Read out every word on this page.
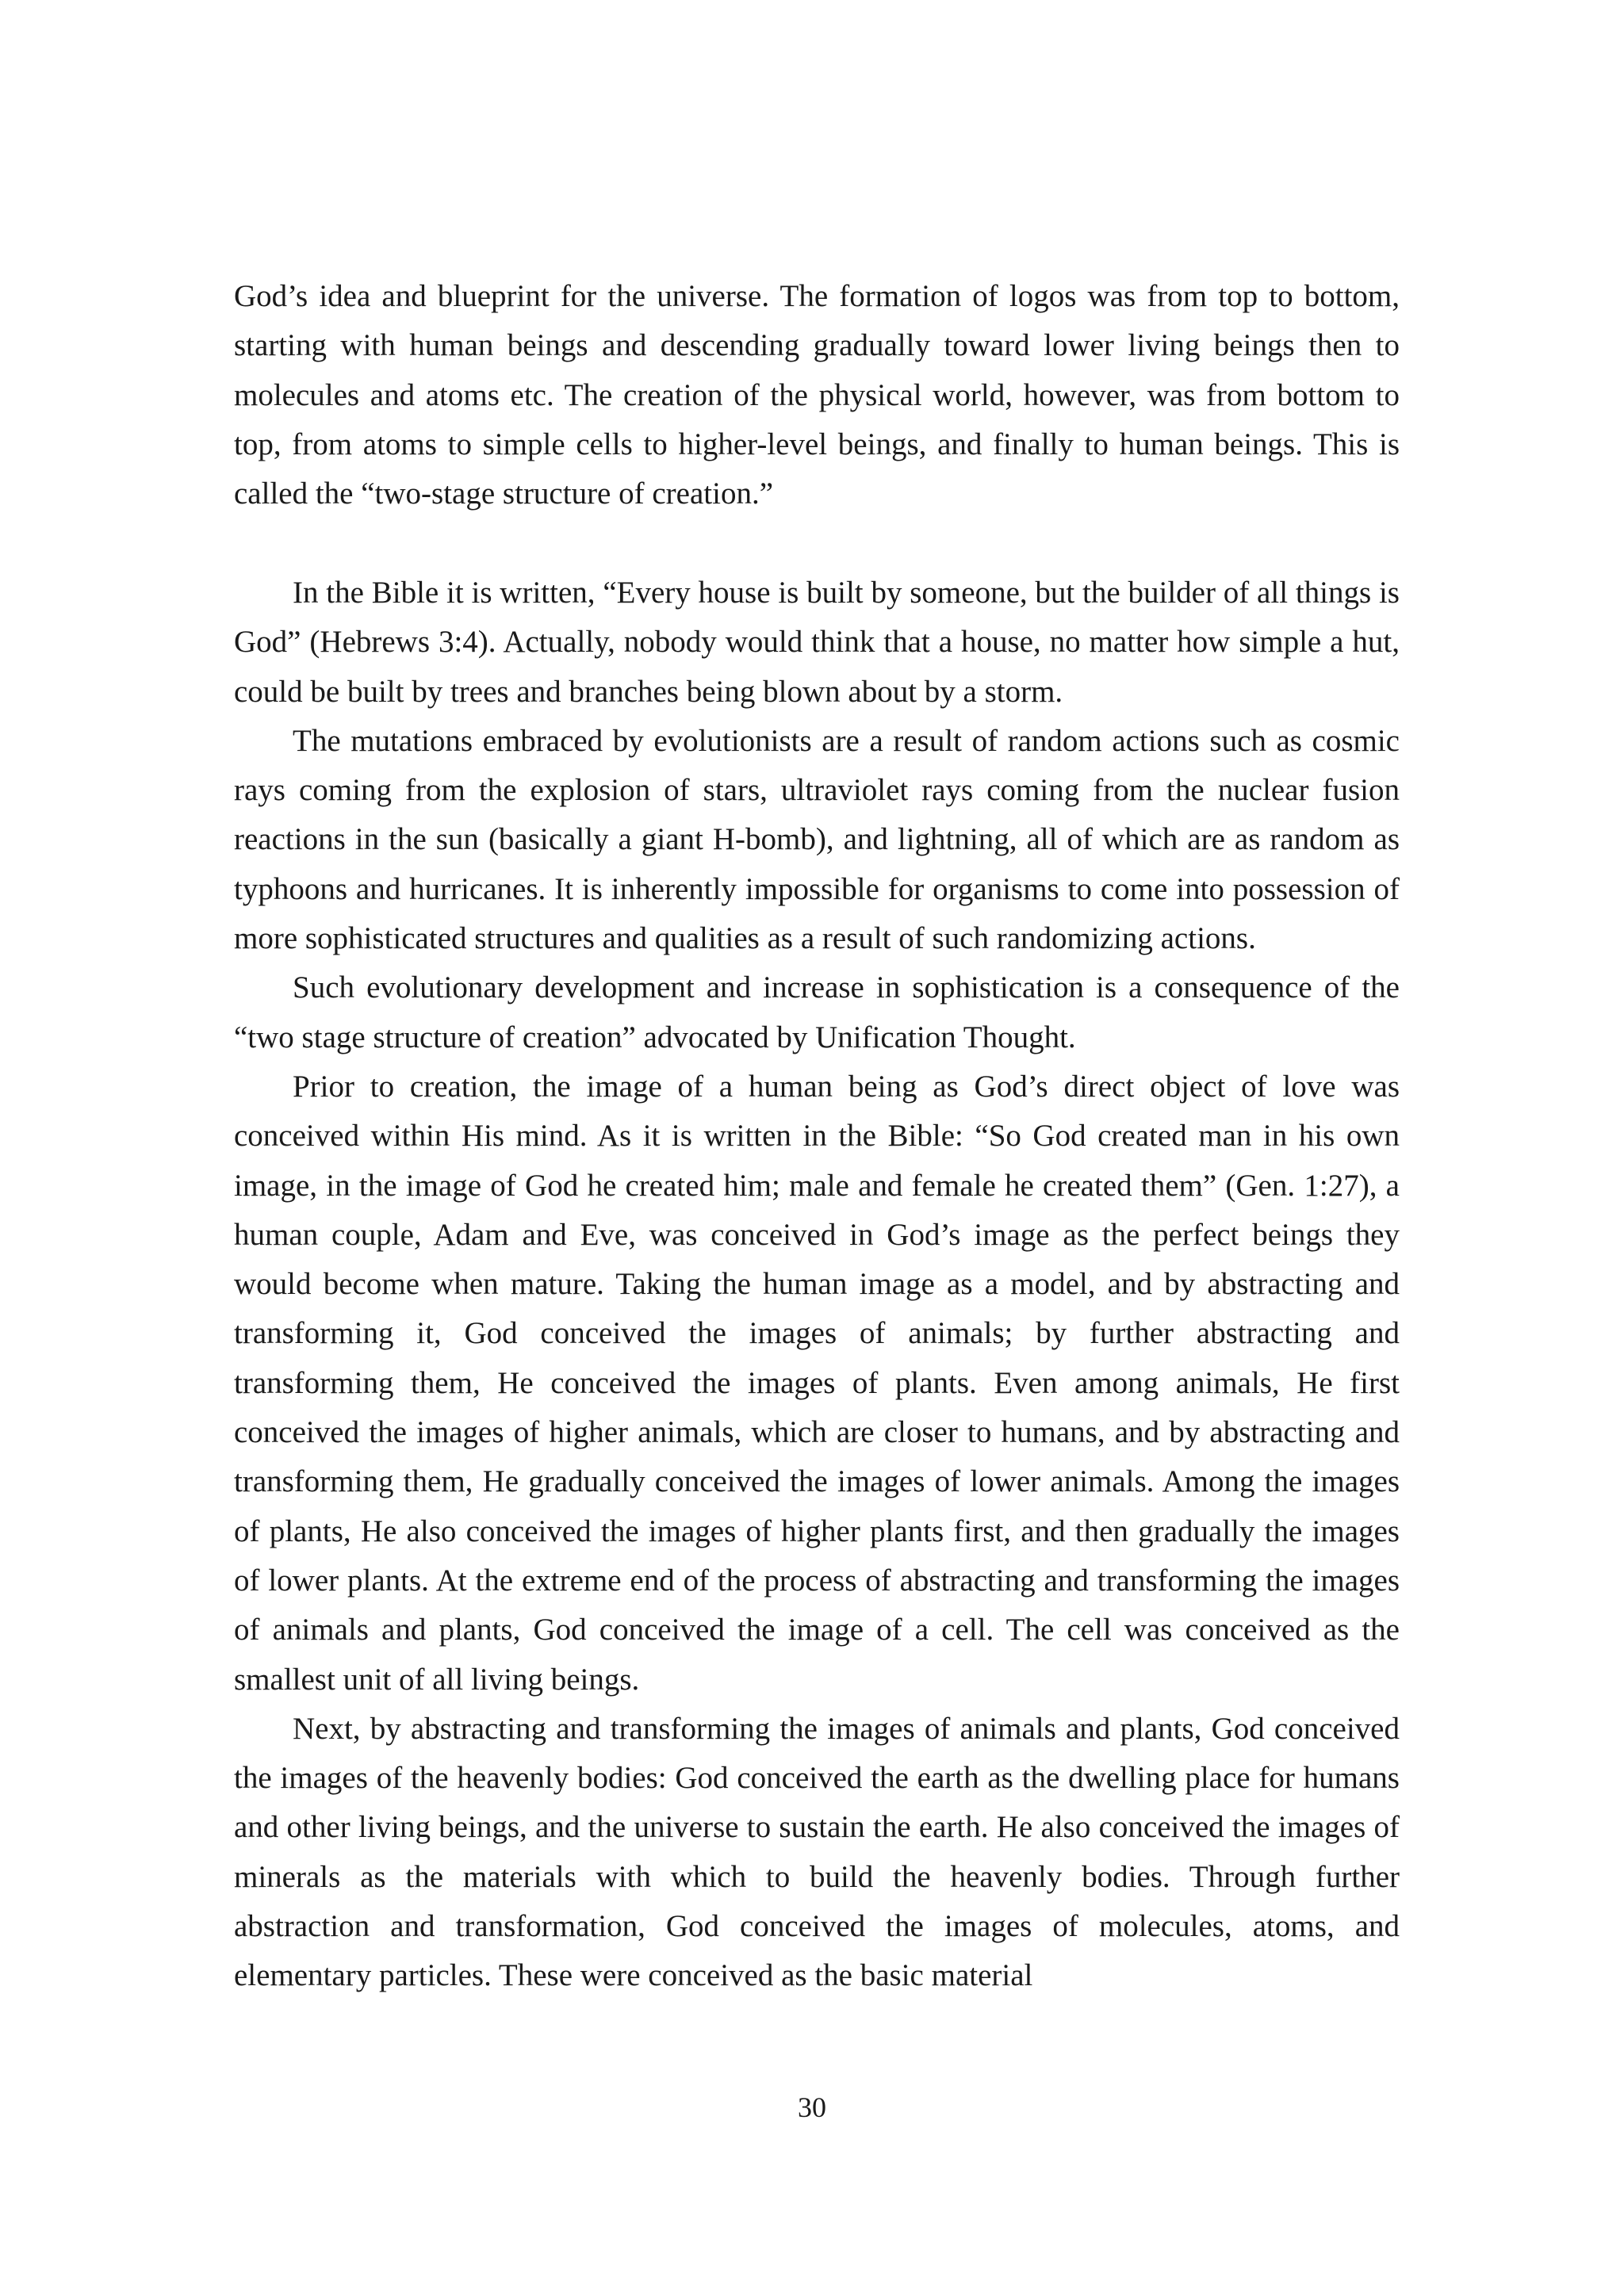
God’s idea and blueprint for the universe. The formation of logos was from top to bottom, starting with human beings and descending gradually toward lower living beings then to molecules and atoms etc. The creation of the physical world, however, was from bottom to top, from atoms to simple cells to higher-level beings, and finally to human beings. This is called the “two-stage structure of creation.”

In the Bible it is written, “Every house is built by someone, but the builder of all things is God” (Hebrews 3:4). Actually, nobody would think that a house, no matter how simple a hut, could be built by trees and branches being blown about by a storm.

The mutations embraced by evolutionists are a result of random actions such as cosmic rays coming from the explosion of stars, ultraviolet rays coming from the nuclear fusion reactions in the sun (basically a giant H-bomb), and lightning, all of which are as random as typhoons and hurricanes. It is inherently impossible for organisms to come into possession of more sophisticated structures and qualities as a result of such randomizing actions.

Such evolutionary development and increase in sophistication is a consequence of the “two stage structure of creation” advocated by Unification Thought.

Prior to creation, the image of a human being as God’s direct object of love was conceived within His mind. As it is written in the Bible: “So God created man in his own image, in the image of God he created him; male and female he created them” (Gen. 1:27), a human couple, Adam and Eve, was conceived in God’s image as the perfect beings they would become when mature. Taking the human image as a model, and by abstracting and transforming it, God conceived the images of animals; by further abstracting and transforming them, He conceived the images of plants. Even among animals, He first conceived the images of higher animals, which are closer to humans, and by abstracting and transforming them, He gradually conceived the images of lower animals. Among the images of plants, He also conceived the images of higher plants first, and then gradually the images of lower plants. At the extreme end of the process of abstracting and transforming the images of animals and plants, God conceived the image of a cell. The cell was conceived as the smallest unit of all living beings.

Next, by abstracting and transforming the images of animals and plants, God conceived the images of the heavenly bodies: God conceived the earth as the dwelling place for humans and other living beings, and the universe to sustain the earth. He also conceived the images of minerals as the materials with which to build the heavenly bodies. Through further abstraction and transformation, God conceived the images of molecules, atoms, and elementary particles. These were conceived as the basic material

30
